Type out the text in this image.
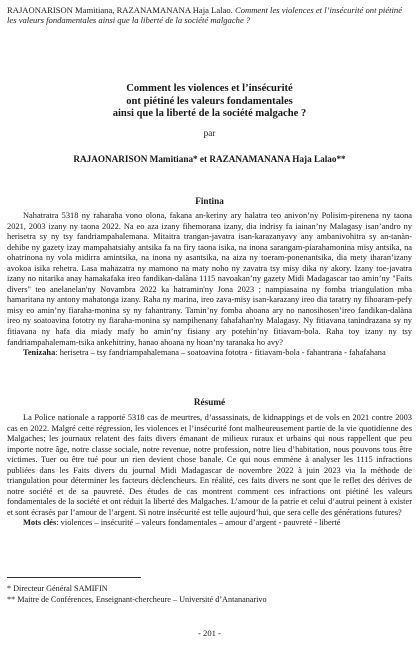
RAJAONARISON Mamitiana, RAZANAMANANA Haja Lalao. Comment les violences et l’insécurité ont piétiné les valeurs fondamentales ainsi que la liberté de la société malgache ?
Comment les violences et l’insécurité
ont piétiné les valeurs fondamentales
ainsi que la liberté de la société malgache ?
par
RAJAONARISON Mamitiana* et RAZANAMANANA Haja Lalao**
Fintina

Nahatratra 5318 ny raharaha vono olona, fakana an-keriny ary halatra teo anivon’ny Polisim-pirenena ny taona 2021, 2003 izany ny taona 2022. Na eo aza izany fihemorana izany, dia indrisy fa iainan’ny Malagasy isan’andro ny herisetra sy ny tsy fandriampahalemana. Mitaitra trangan-javatra isan-karazanyavy any ambanivohitra sy an-tanàn-dehibe ny gazety izay mampahatsiahy antsika fa na firy taona isika, na inona sarangam-piarahamonina misy antsika, na ohatrinona ny vola midirra amintsika, na inona ny asantsika, na aiza ny toeram-ponenantsika, dia mety iharan’izany avokoa isika rehetra. Lasa mahazatra ny mamono na maty noho ny zavatra tsy misy dika ny akory. Izany toe-javatra izany no nitarika anay hamakafaka ireo fandikan-dalàna 1115 navoakan’ny gazety Midi Madagascar tao amin’ny "Faits divers" teo anelanelan'ny Novambra 2022 ka hatramin'ny Jona 2023 ; nampiasaina ny fomba triangulation mba hamaritana ny antony mahatonga izany. Raha ny marina, ireo zava-misy isan-karazany ireo dia taratry ny fihoaram-pefy misy eo amin’ny fiaraha-monina sy ny fahantrany. Tamin’ny fomba ahoana ary no nanosihosen’ireo fandikan-dalàna ireo ny soatoavina fototry ny fiaraha-monina sy nampihenany fahafahan'ny Malagasy. Ny fitiavana tanindrazana sy ny fitiavana ny hafa dia miady mafy ho amin’ny fisiany ary potehin’ny fitiavam-bola. Raha toy izany ny tsy fandriampahalemam-tsika ankehitriny, hanao ahoana ny hoan’ny taranaka ho avy?

Tenizaha: herisetra – tsy fandriampahalemana – soatoavina fototra - fitiavam-bola - fahantrana - fahafahana

Résumé

La Police nationale a rapporté 5318 cas de meurtres, d’assassinats, de kidnappings et de vols en 2021 contre 2003 cas en 2022. Malgré cette régression, les violences et l’insécurité font malheureusement partie de la vie quotidienne des Malgaches; les journaux relatent des faits divers émanant de milieux ruraux et urbains qui nous rappellent que peu importe notre âge, notre classe sociale, notre revenue, notre profession, notre lieu d’habitation, nous pouvons tous être victimes. Tuer ou être tué pour un rien devient chose banale. Ce qui nous emmène à analyser les 1115 infractions publiées dans les Faits divers du journal Midi Madagascar de novembre 2022 à juin 2023 via la méthode de triangulation pour déterminer les facteurs déclencheurs. En réalité, ces faits divers ne sont que le reflet des dérives de notre société et de sa pauvreté. Des études de cas montrent comment ces infractions ont piétiné les valeurs fondamentales de la société et ont réduit la liberté des Malgaches. L’amour de la patrie et celui d’autrui peinent à exister et sont écrasés par l’amour de l’argent. Si notre insécurité est telle aujourd’hui, que sera celle des générations futures?

Mots clés: violences – insécurité – valeurs fondamentales – amour d’argent - pauvreté - liberté

* Directeur Général SAMIFIN
** Maitre de Conférences, Enseignant-chercheure – Université d’Antananarivo
- 201 -
